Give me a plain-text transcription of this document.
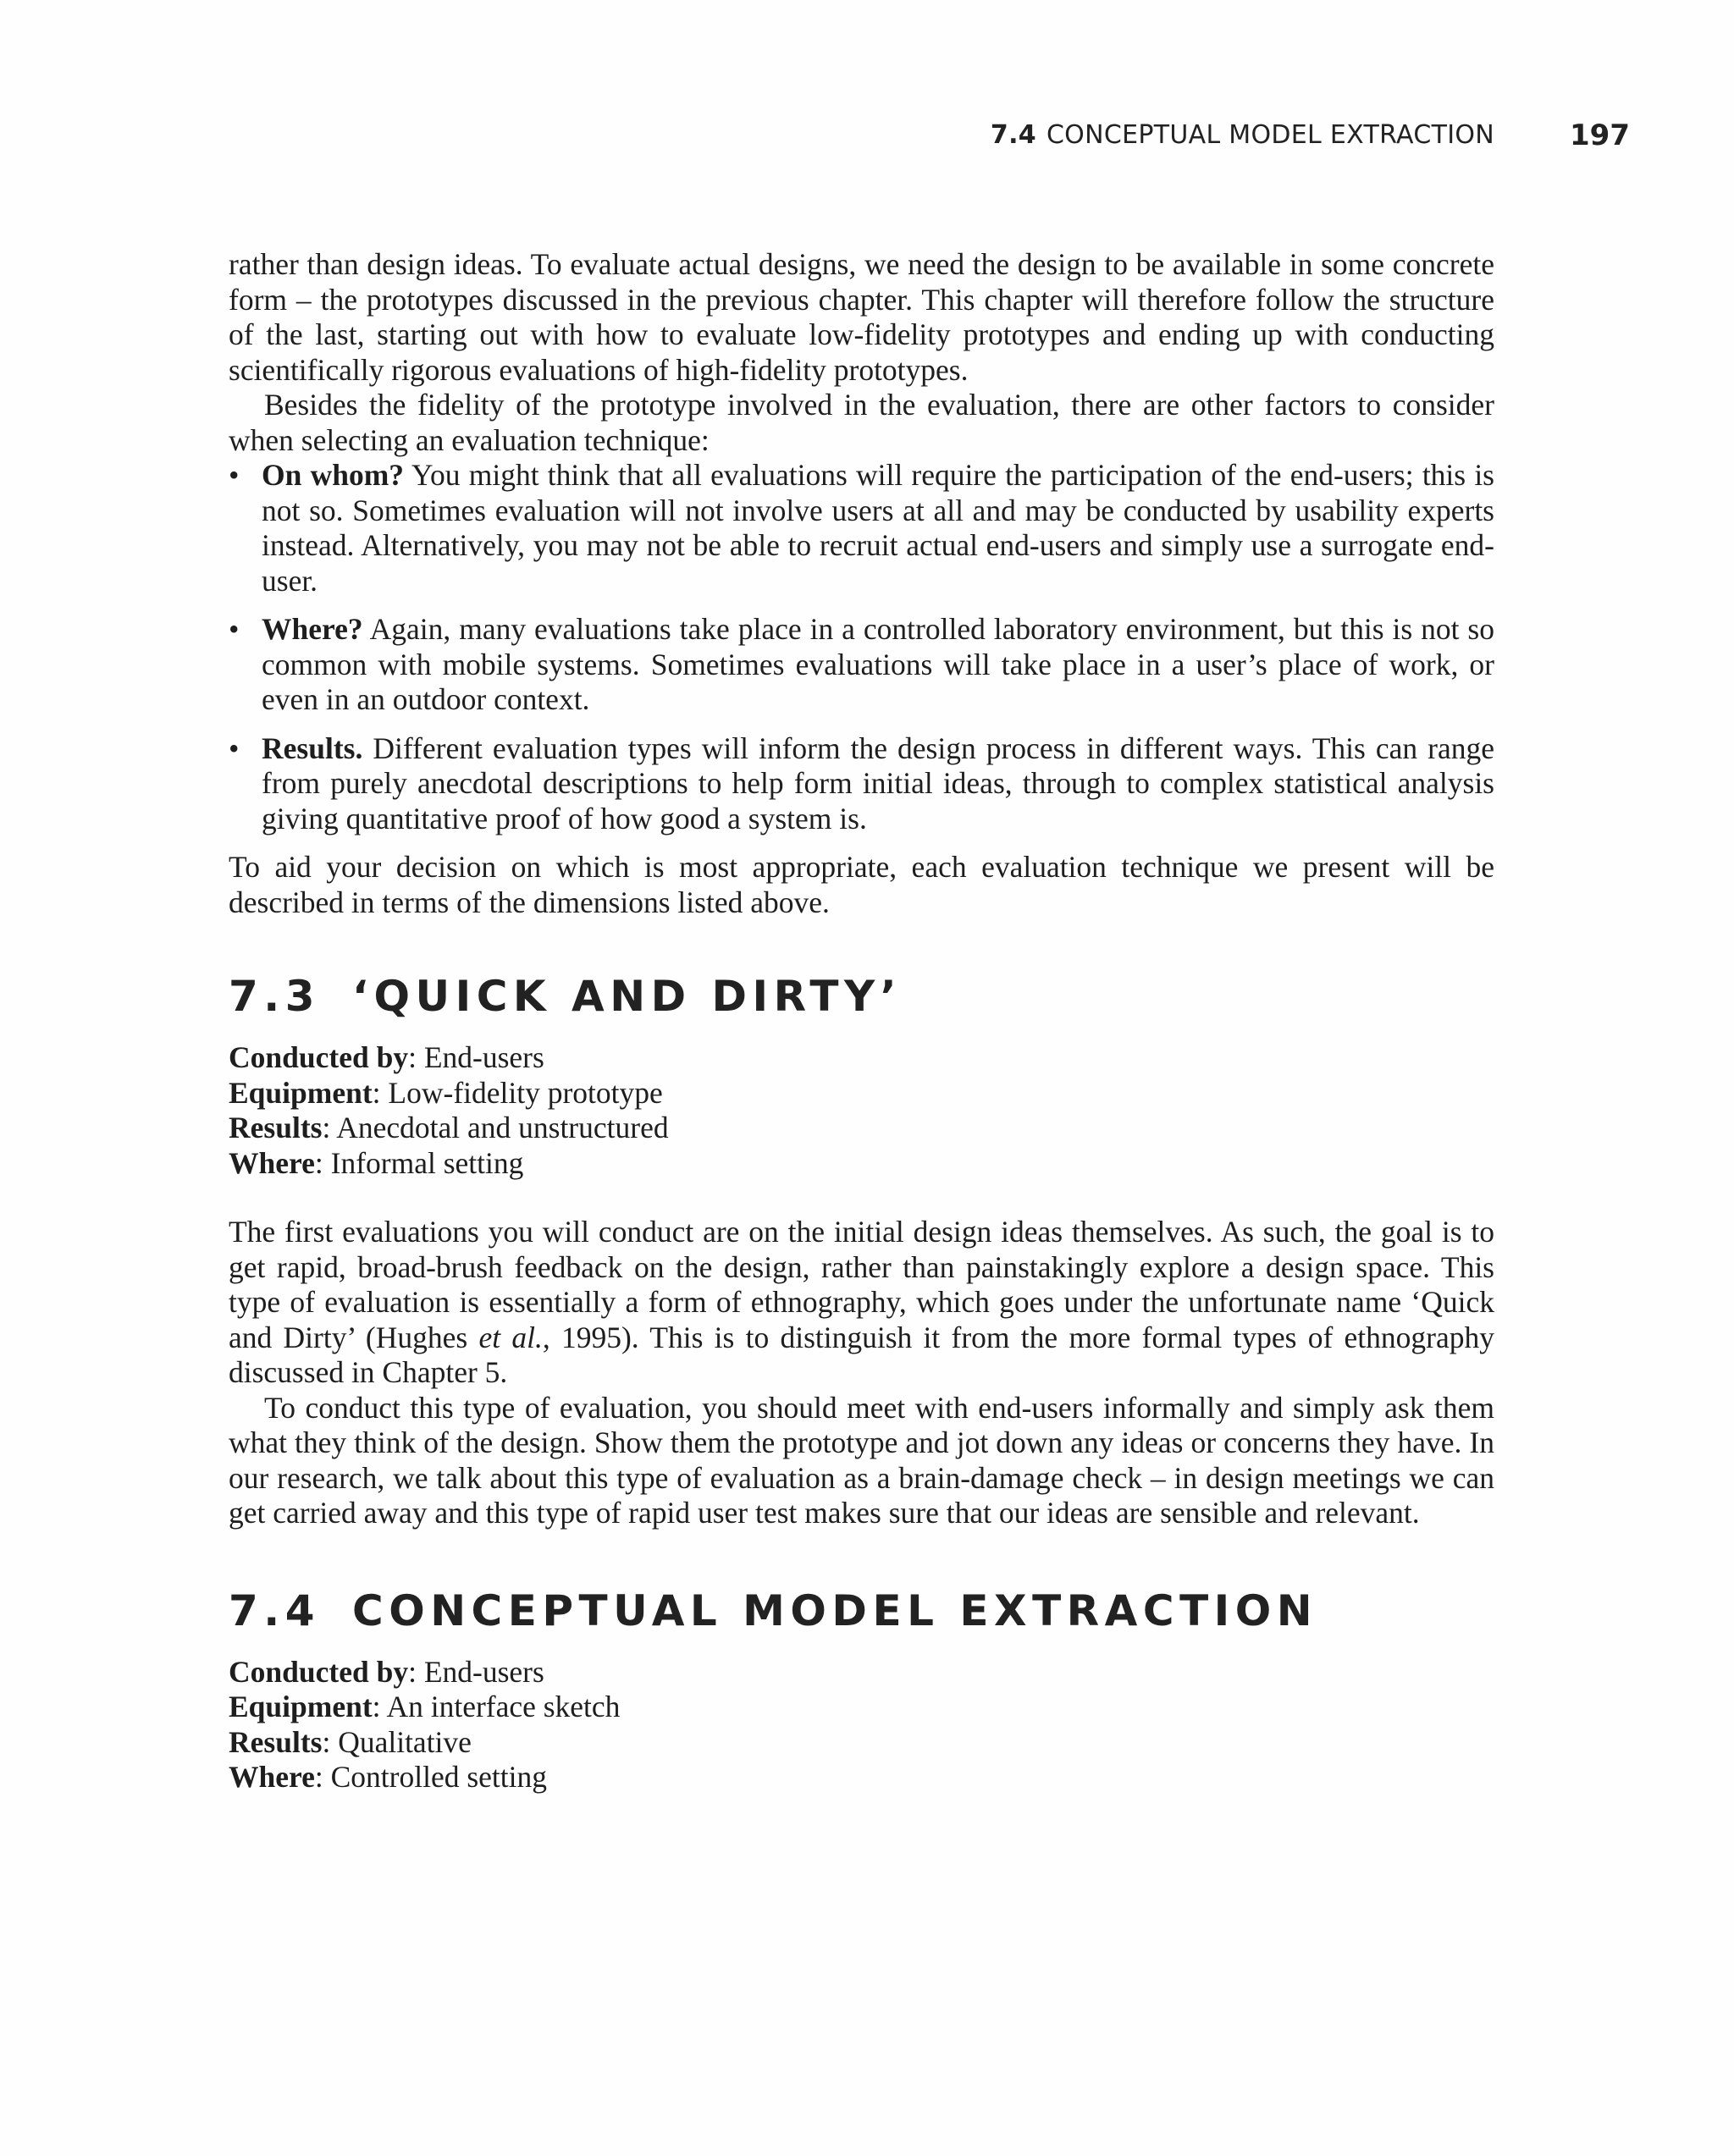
7.4 CONCEPTUAL MODEL EXTRACTION	197

rather than design ideas. To evaluate actual designs, we need the design to be available in some concrete form – the prototypes discussed in the previous chapter. This chapter will therefore follow the structure of the last, starting out with how to evaluate low-fidelity prototypes and ending up with conducting scientifically rigorous evaluations of high-fidelity prototypes.

Besides the fidelity of the prototype involved in the evaluation, there are other factors to consider when selecting an evaluation technique:

• On whom? You might think that all evaluations will require the participation of the end-users; this is not so. Sometimes evaluation will not involve users at all and may be conducted by usability experts instead. Alternatively, you may not be able to recruit actual end-users and simply use a surrogate end-user.
• Where? Again, many evaluations take place in a controlled laboratory environment, but this is not so common with mobile systems. Sometimes evaluations will take place in a user’s place of work, or even in an outdoor context.
• Results. Different evaluation types will inform the design process in different ways. This can range from purely anecdotal descriptions to help form initial ideas, through to complex statistical analysis giving quantitative proof of how good a system is.

To aid your decision on which is most appropriate, each evaluation technique we present will be described in terms of the dimensions listed above.

7.3 ‘QUICK AND DIRTY’
Conducted by: End-users
Equipment: Low-fidelity prototype
Results: Anecdotal and unstructured
Where: Informal setting

The first evaluations you will conduct are on the initial design ideas themselves. As such, the goal is to get rapid, broad-brush feedback on the design, rather than painstakingly explore a design space. This type of evaluation is essentially a form of ethnography, which goes under the unfortunate name ‘Quick and Dirty’ (Hughes et al., 1995). This is to distinguish it from the more formal types of ethnography discussed in Chapter 5.

To conduct this type of evaluation, you should meet with end-users informally and simply ask them what they think of the design. Show them the prototype and jot down any ideas or concerns they have. In our research, we talk about this type of evaluation as a brain-damage check – in design meetings we can get carried away and this type of rapid user test makes sure that our ideas are sensible and relevant.

7.4 CONCEPTUAL MODEL EXTRACTION
Conducted by: End-users
Equipment: An interface sketch
Results: Qualitative
Where: Controlled setting
